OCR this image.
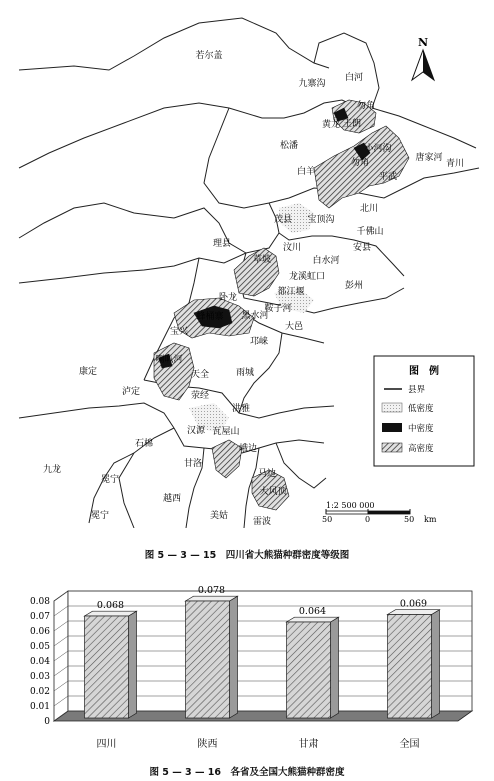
若尔盖
九寨沟
白河
勿角
黄龙 王朗
松潘	小河沟
唐家河
青川
勿角
白羊	平武
北川
茂县
千佛山
宝顶沟
理县	安县
汶川
草坡	白水河
龙溪虹口
彭州
都江堰
卧龙
鞍子河
黑水河
大邑
蜂桶寨
宝兴
邛崃
喇叭河
天全
康定	雨城
泸定	荥经
洪雅
汉源 瓦屋山
石棉	峨边
九龙
甘洛
冕宁
马边
大风顶
越西
冕宁	美姑
雷波
N
图　例
县界
低密度
中密度
高密度
1:2 500 000
50	0	50 km
图 5 — 3 — 15　四川省大熊猫种群密度等级图
0
0.01
0.02
0.03
0.04
0.05
0.06
0.07
0.08	0.068
0.078
0.064
0.069
四川	陕西	甘肃	全国
图 5 — 3 — 16　各省及全国大熊猫种群密度
